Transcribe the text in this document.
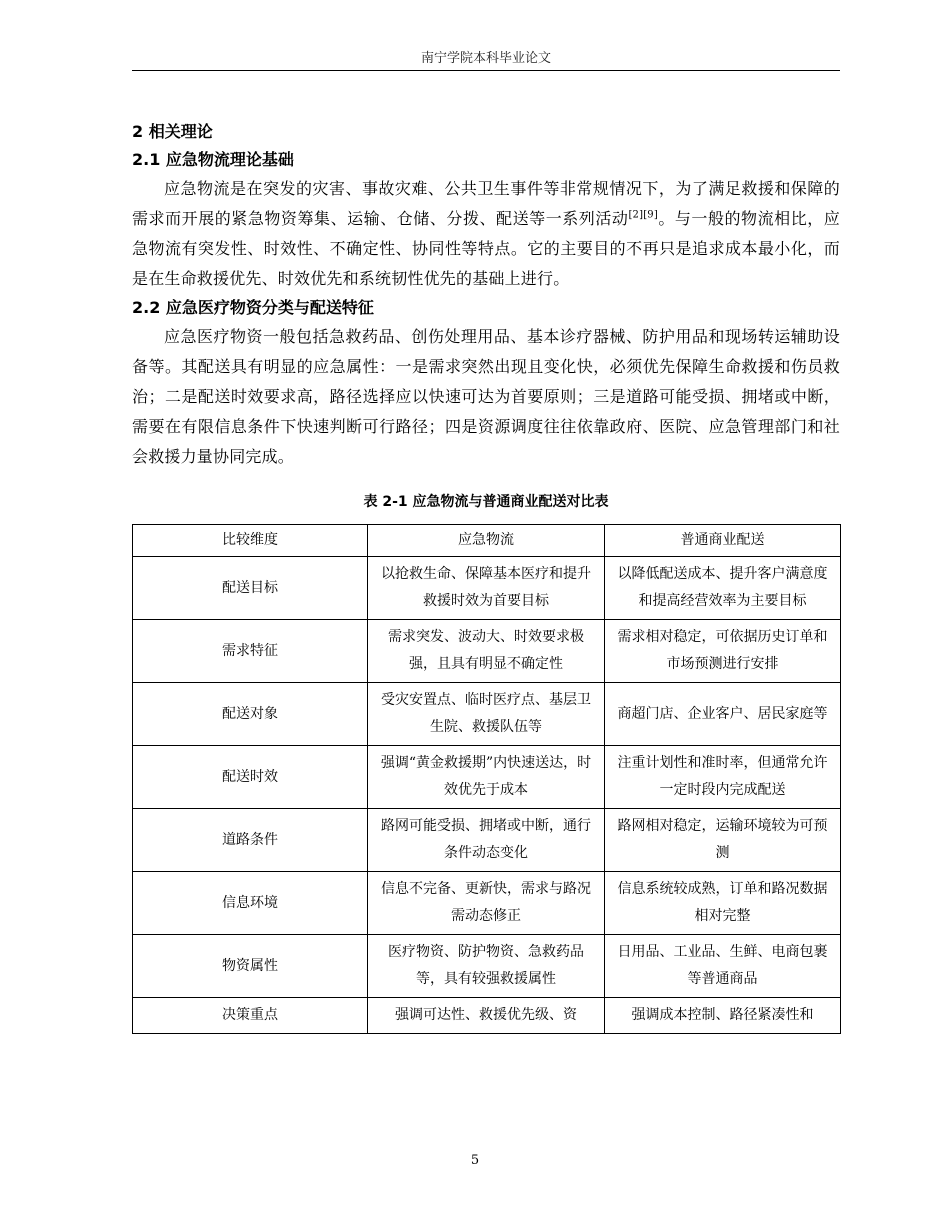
南宁学院本科毕业论文
2 相关理论
2.1 应急物流理论基础

应急物流是在突发的灾害、事故灾难、公共卫生事件等非常规情况下，为了满足救援和保障的需求而开展的紧急物资筹集、运输、仓储、分拨、配送等一系列活动[2][9]。与一般的物流相比，应急物流有突发性、时效性、不确定性、协同性等特点。它的主要目的不再只是追求成本最小化，而是在生命救援优先、时效优先和系统韧性优先的基础上进行。

2.2 应急医疗物资分类与配送特征

应急医疗物资一般包括急救药品、创伤处理用品、基本诊疗器械、防护用品和现场转运辅助设备等。其配送具有明显的应急属性：一是需求突然出现且变化快，必须优先保障生命救援和伤员救治；二是配送时效要求高，路径选择应以快速可达为首要原则；三是道路可能受损、拥堵或中断，需要在有限信息条件下快速判断可行路径；四是资源调度往往依靠政府、医院、应急管理部门和社会救援力量协同完成。

表 2-1 应急物流与普通商业配送对比表
比较维度	应急物流	普通商业配送
配送目标	以抢救生命、保障基本医疗和提升救援时效为首要目标	以降低配送成本、提升客户满意度和提高经营效率为主要目标
需求特征	需求突发、波动大、时效要求极强，且具有明显不确定性	需求相对稳定，可依据历史订单和市场预测进行安排
配送对象	受灾安置点、临时医疗点、基层卫生院、救援队伍等	商超门店、企业客户、居民家庭等
配送时效	强调“黄金救援期”内快速送达，时效优先于成本	注重计划性和准时率，但通常允许一定时段内完成配送
道路条件	路网可能受损、拥堵或中断，通行条件动态变化	路网相对稳定，运输环境较为可预测
信息环境	信息不完备、更新快，需求与路况需动态修正	信息系统较成熟，订单和路况数据相对完整
物资属性	医疗物资、防护物资、急救药品等，具有较强救援属性	日用品、工业品、生鲜、电商包裹等普通商品
决策重点	强调可达性、救援优先级、资	强调成本控制、路径紧凑性和
5
